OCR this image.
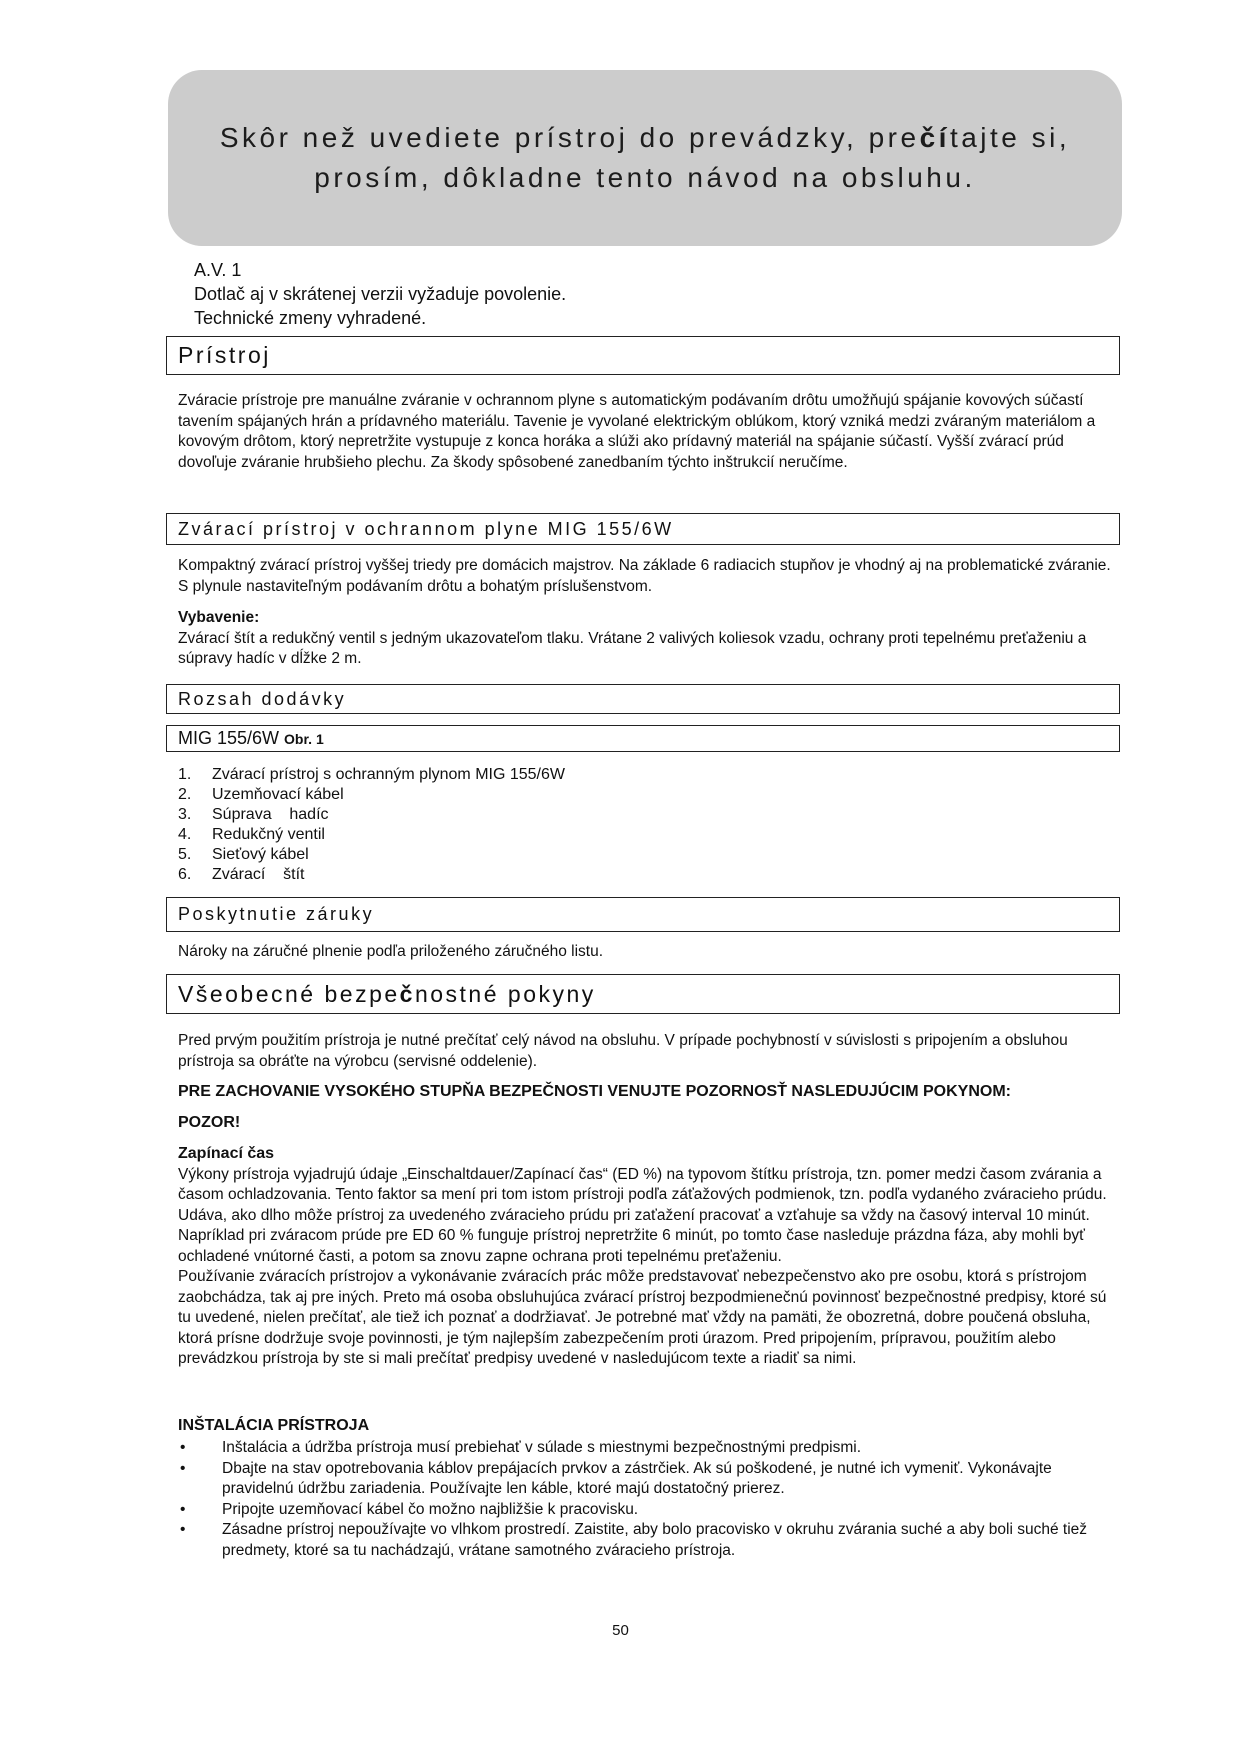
Skôr než uvediete prístroj do prevádzky, prečítajte si,
prosím, dôkladne tento návod na obsluhu.
A.V. 1
Dotlač aj v skrátenej verzii vyžaduje povolenie.
Technické zmeny vyhradené.
Prístroj
Zváracie prístroje pre manuálne zváranie v ochrannom plyne s automatickým podávaním drôtu umožňujú spájanie kovových súčastí tavením spájaných hrán a prídavného materiálu. Tavenie je vyvolané elektrickým oblúkom, ktorý vzniká medzi zváraným materiálom a kovovým drôtom, ktorý nepretržite vystupuje z konca horáka a slúži ako prídavný materiál na spájanie súčastí. Vyšší zvárací prúd dovoľuje zváranie hrubšieho plechu. Za škody spôsobené zanedbaním týchto inštrukcií neručíme.
Zvárací prístroj v ochrannom plyne MIG 155/6W
Kompaktný zvárací prístroj vyššej triedy pre domácich majstrov. Na základe 6 radiacich stupňov je vhodný aj na problematické zváranie. S plynule nastaviteľným podávaním drôtu a bohatým príslušenstvom.
Vybavenie:
Zvárací štít a redukčný ventil s jedným ukazovateľom tlaku. Vrátane 2 valivých koliesok vzadu, ochrany proti tepelnému preťaženiu a súpravy hadíc v dĺžke 2 m.
Rozsah dodávky
MIG 155/6W
Obr. 1
1.	Zvárací prístroj s ochranným plynom MIG 155/6W
2.	Uzemňovací kábel
3.	Súprava    hadíc
4.	Redukčný ventil
5.	Sieťový kábel
6.	Zvárací    štít
Poskytnutie záruky
Nároky na záručné plnenie podľa priloženého záručného listu.
Všeobecné bezpe č nostné pokyny
Pred prvým použitím prístroja je nutné prečítať celý návod na obsluhu. V prípade pochybností v súvislosti s pripojením a obsluhou prístroja sa obráťte na výrobcu (servisné oddelenie).
PRE ZACHOVANIE VYSOKÉHO STUPŇA BEZPEČNOSTI VENUJTE POZORNOSŤ NASLEDUJÚCIM POKYNOM:
POZOR!
Zapínací čas
Výkony prístroja vyjadrujú údaje „Einschaltdauer/Zapínací čas“ (ED %) na typovom štítku prístroja, tzn. pomer medzi časom zvárania a časom ochladzovania. Tento faktor sa mení pri tom istom prístroji podľa záťažových podmienok, tzn. podľa vydaného zváracieho prúdu. Udáva, ako dlho môže prístroj za uvedeného zváracieho prúdu pri zaťažení pracovať a vzťahuje sa vždy na časový interval 10 minút. Napríklad pri zváracom prúde pre ED 60 % funguje prístroj nepretržite 6 minút, po tomto čase nasleduje prázdna fáza, aby mohli byť ochladené vnútorné časti, a potom sa znovu zapne ochrana proti tepelnému preťaženiu.
Používanie zváracích prístrojov a vykonávanie zváracích prác môže predstavovať nebezpečenstvo ako pre osobu, ktorá s prístrojom zaobchádza, tak aj pre iných. Preto má osoba obsluhujúca zvárací prístroj bezpodmienečnú povinnosť bezpečnostné predpisy, ktoré sú tu uvedené, nielen prečítať, ale tiež ich poznať a dodržiavať. Je potrebné mať vždy na pamäti, že obozretná, dobre poučená obsluha, ktorá prísne dodržuje svoje povinnosti, je tým najlepším zabezpečením proti úrazom. Pred pripojením, prípravou, použitím alebo prevádzkou prístroja by ste si mali prečítať predpisy uvedené v nasledujúcom texte a riadiť sa nimi.
INŠTALÁCIA PRÍSTROJA
•	Inštalácia a údržba prístroja musí prebiehať v súlade s miestnymi bezpečnostnými predpismi.
•	Dbajte na stav opotrebovania káblov prepájacích prvkov a zástrčiek. Ak sú poškodené, je nutné ich vymeniť. Vykonávajte pravidelnú údržbu zariadenia. Používajte len káble, ktoré majú dostatočný prierez.
•	Pripojte uzemňovací kábel čo možno najbližšie k pracovisku.
•	Zásadne prístroj nepoužívajte vo vlhkom prostredí. Zaistite, aby bolo pracovisko v okruhu zvárania suché a aby boli suché tiež predmety, ktoré sa tu nachádzajú, vrátane samotného zváracieho prístroja.
50
